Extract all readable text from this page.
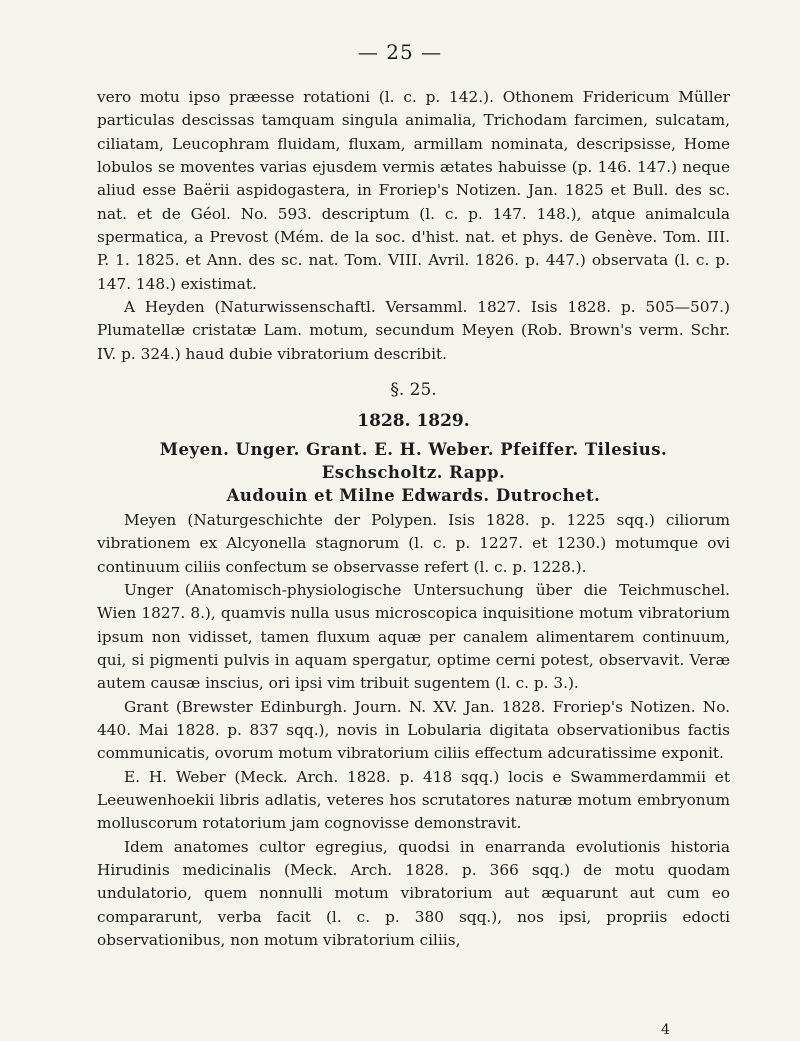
— 25 —

vero motu ipso præesse rotationi (l. c. p. 142.). Othonem Fridericum Müller particulas descissas tamquam singula animalia, Trichodam farcimen, sulcatam, ciliatam, Leucophram fluidam, fluxam, armillam nominata, descripsisse, Home lobulos se moventes varias ejusdem vermis ætates habuisse (p. 146. 147.) neque aliud esse Baërii aspidogastera, in Froriep's Notizen. Jan. 1825 et Bull. des sc. nat. et de Géol. No. 593. descriptum (l. c. p. 147. 148.), atque animalcula spermatica, a Prevost (Mém. de la soc. d'hist. nat. et phys. de Genève. Tom. III. P. 1. 1825. et Ann. des sc. nat. Tom. VIII. Avril. 1826. p. 447.) observata (l. c. p. 147. 148.) existimat.

A Heyden (Naturwissenschaftl. Versamml. 1827. Isis 1828. p. 505—507.) Plumatellæ cristatæ Lam. motum, secundum Meyen (Rob. Brown's verm. Schr. IV. p. 324.) haud dubie vibratorium describit.

§. 25.
1828. 1829.
Meyen. Unger. Grant. E. H. Weber. Pfeiffer. Tilesius. Eschscholtz. Rapp.
Audouin et Milne Edwards. Dutrochet.

Meyen (Naturgeschichte der Polypen. Isis 1828. p. 1225 sqq.) ciliorum vibrationem ex Alcyonella stagnorum (l. c. p. 1227. et 1230.) motumque ovi continuum ciliis confectum se observasse refert (l. c. p. 1228.).

Unger (Anatomisch-physiologische Untersuchung über die Teichmuschel. Wien 1827. 8.), quamvis nulla usus microscopica inquisitione motum vibratorium ipsum non vidisset, tamen fluxum aquæ per canalem alimentarem continuum, qui, si pigmenti pulvis in aquam spergatur, optime cerni potest, observavit. Veræ autem causæ inscius, ori ipsi vim tribuit sugentem (l. c. p. 3.).

Grant (Brewster Edinburgh. Journ. N. XV. Jan. 1828. Froriep's Notizen. No. 440. Mai 1828. p. 837 sqq.), novis in Lobularia digitata observationibus factis communicatis, ovorum motum vibratorium ciliis effectum adcuratissime exponit.

E. H. Weber (Meck. Arch. 1828. p. 418 sqq.) locis e Swammerdammii et Leeuwenhoekii libris adlatis, veteres hos scrutatores naturæ motum embryonum molluscorum rotatorium jam cognovisse demonstravit.

Idem anatomes cultor egregius, quodsi in enarranda evolutionis historia Hirudinis medicinalis (Meck. Arch. 1828. p. 366 sqq.) de motu quodam undulatorio, quem nonnulli motum vibratorium aut æquarunt aut cum eo compararunt, verba facit (l. c. p. 380 sqq.), nos ipsi, propriis edocti observationibus, non motum vibratorium ciliis,

4
